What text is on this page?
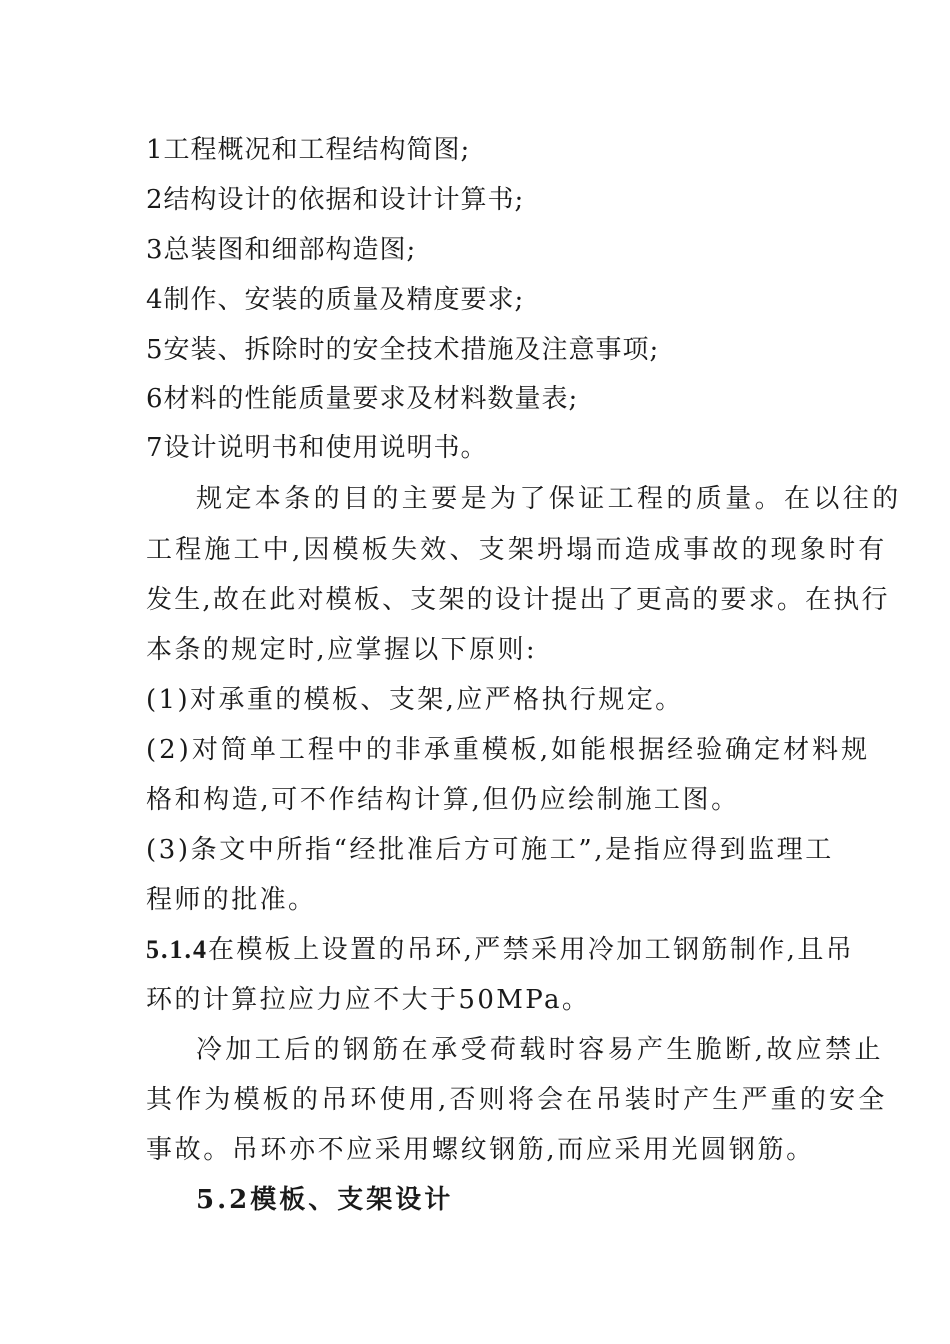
1工程概况和工程结构简图;
2结构设计的依据和设计计算书;
3总装图和细部构造图;
4制作、安装的质量及精度要求;
5安装、拆除时的安全技术措施及注意事项;
6材料的性能质量要求及材料数量表;
7设计说明书和使用说明书。
规定本条的目的主要是为了保证工程的质量。在以往的
工程施工中,因模板失效、支架坍塌而造成事故的现象时有
发生,故在此对模板、支架的设计提出了更高的要求。在执行
本条的规定时,应掌握以下原则:
(1)对承重的模板、支架,应严格执行规定。
(2)对简单工程中的非承重模板,如能根据经验确定材料规
格和构造,可不作结构计算,但仍应绘制施工图。
(3)条文中所指“经批准后方可施工”,是指应得到监理工
程师的批准。
5.1.4在模板上设置的吊环,严禁采用冷加工钢筋制作,且吊
环的计算拉应力应不大于50MPa。
冷加工后的钢筋在承受荷载时容易产生脆断,故应禁止
其作为模板的吊环使用,否则将会在吊装时产生严重的安全
事故。吊环亦不应采用螺纹钢筋,而应采用光圆钢筋。
5.2模板、支架设计
